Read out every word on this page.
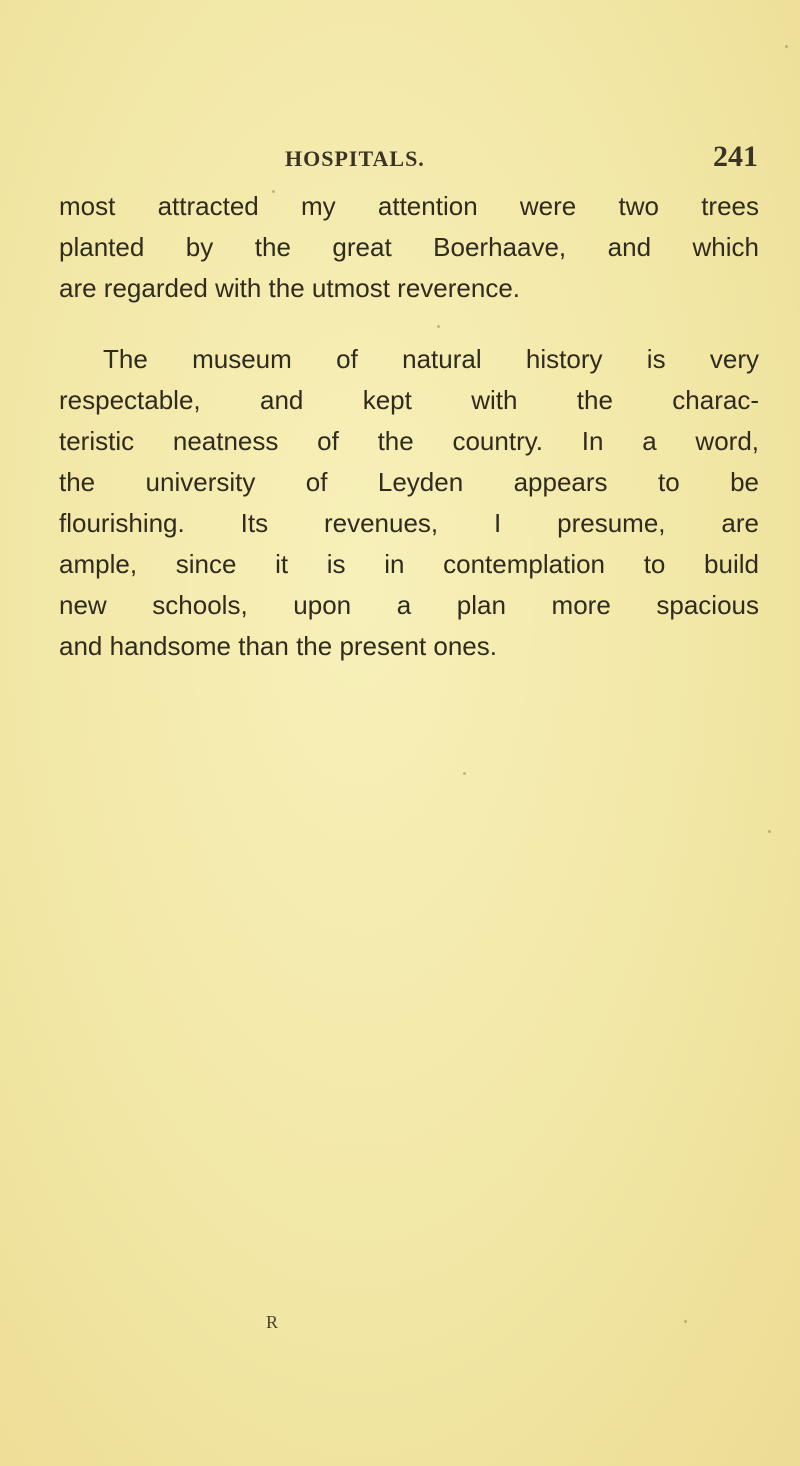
HOSPITALS.	241
most attracted my attention were two trees
planted by the great Boerhaave, and which
are regarded with the utmost reverence.
The museum of natural history is very
respectable, and kept with the charac-
teristic neatness of the country. In a word,
the university of Leyden appears to be
flourishing. Its revenues, I presume, are
ample, since it is in contemplation to build
new schools, upon a plan more spacious
and handsome than the present ones.
R
